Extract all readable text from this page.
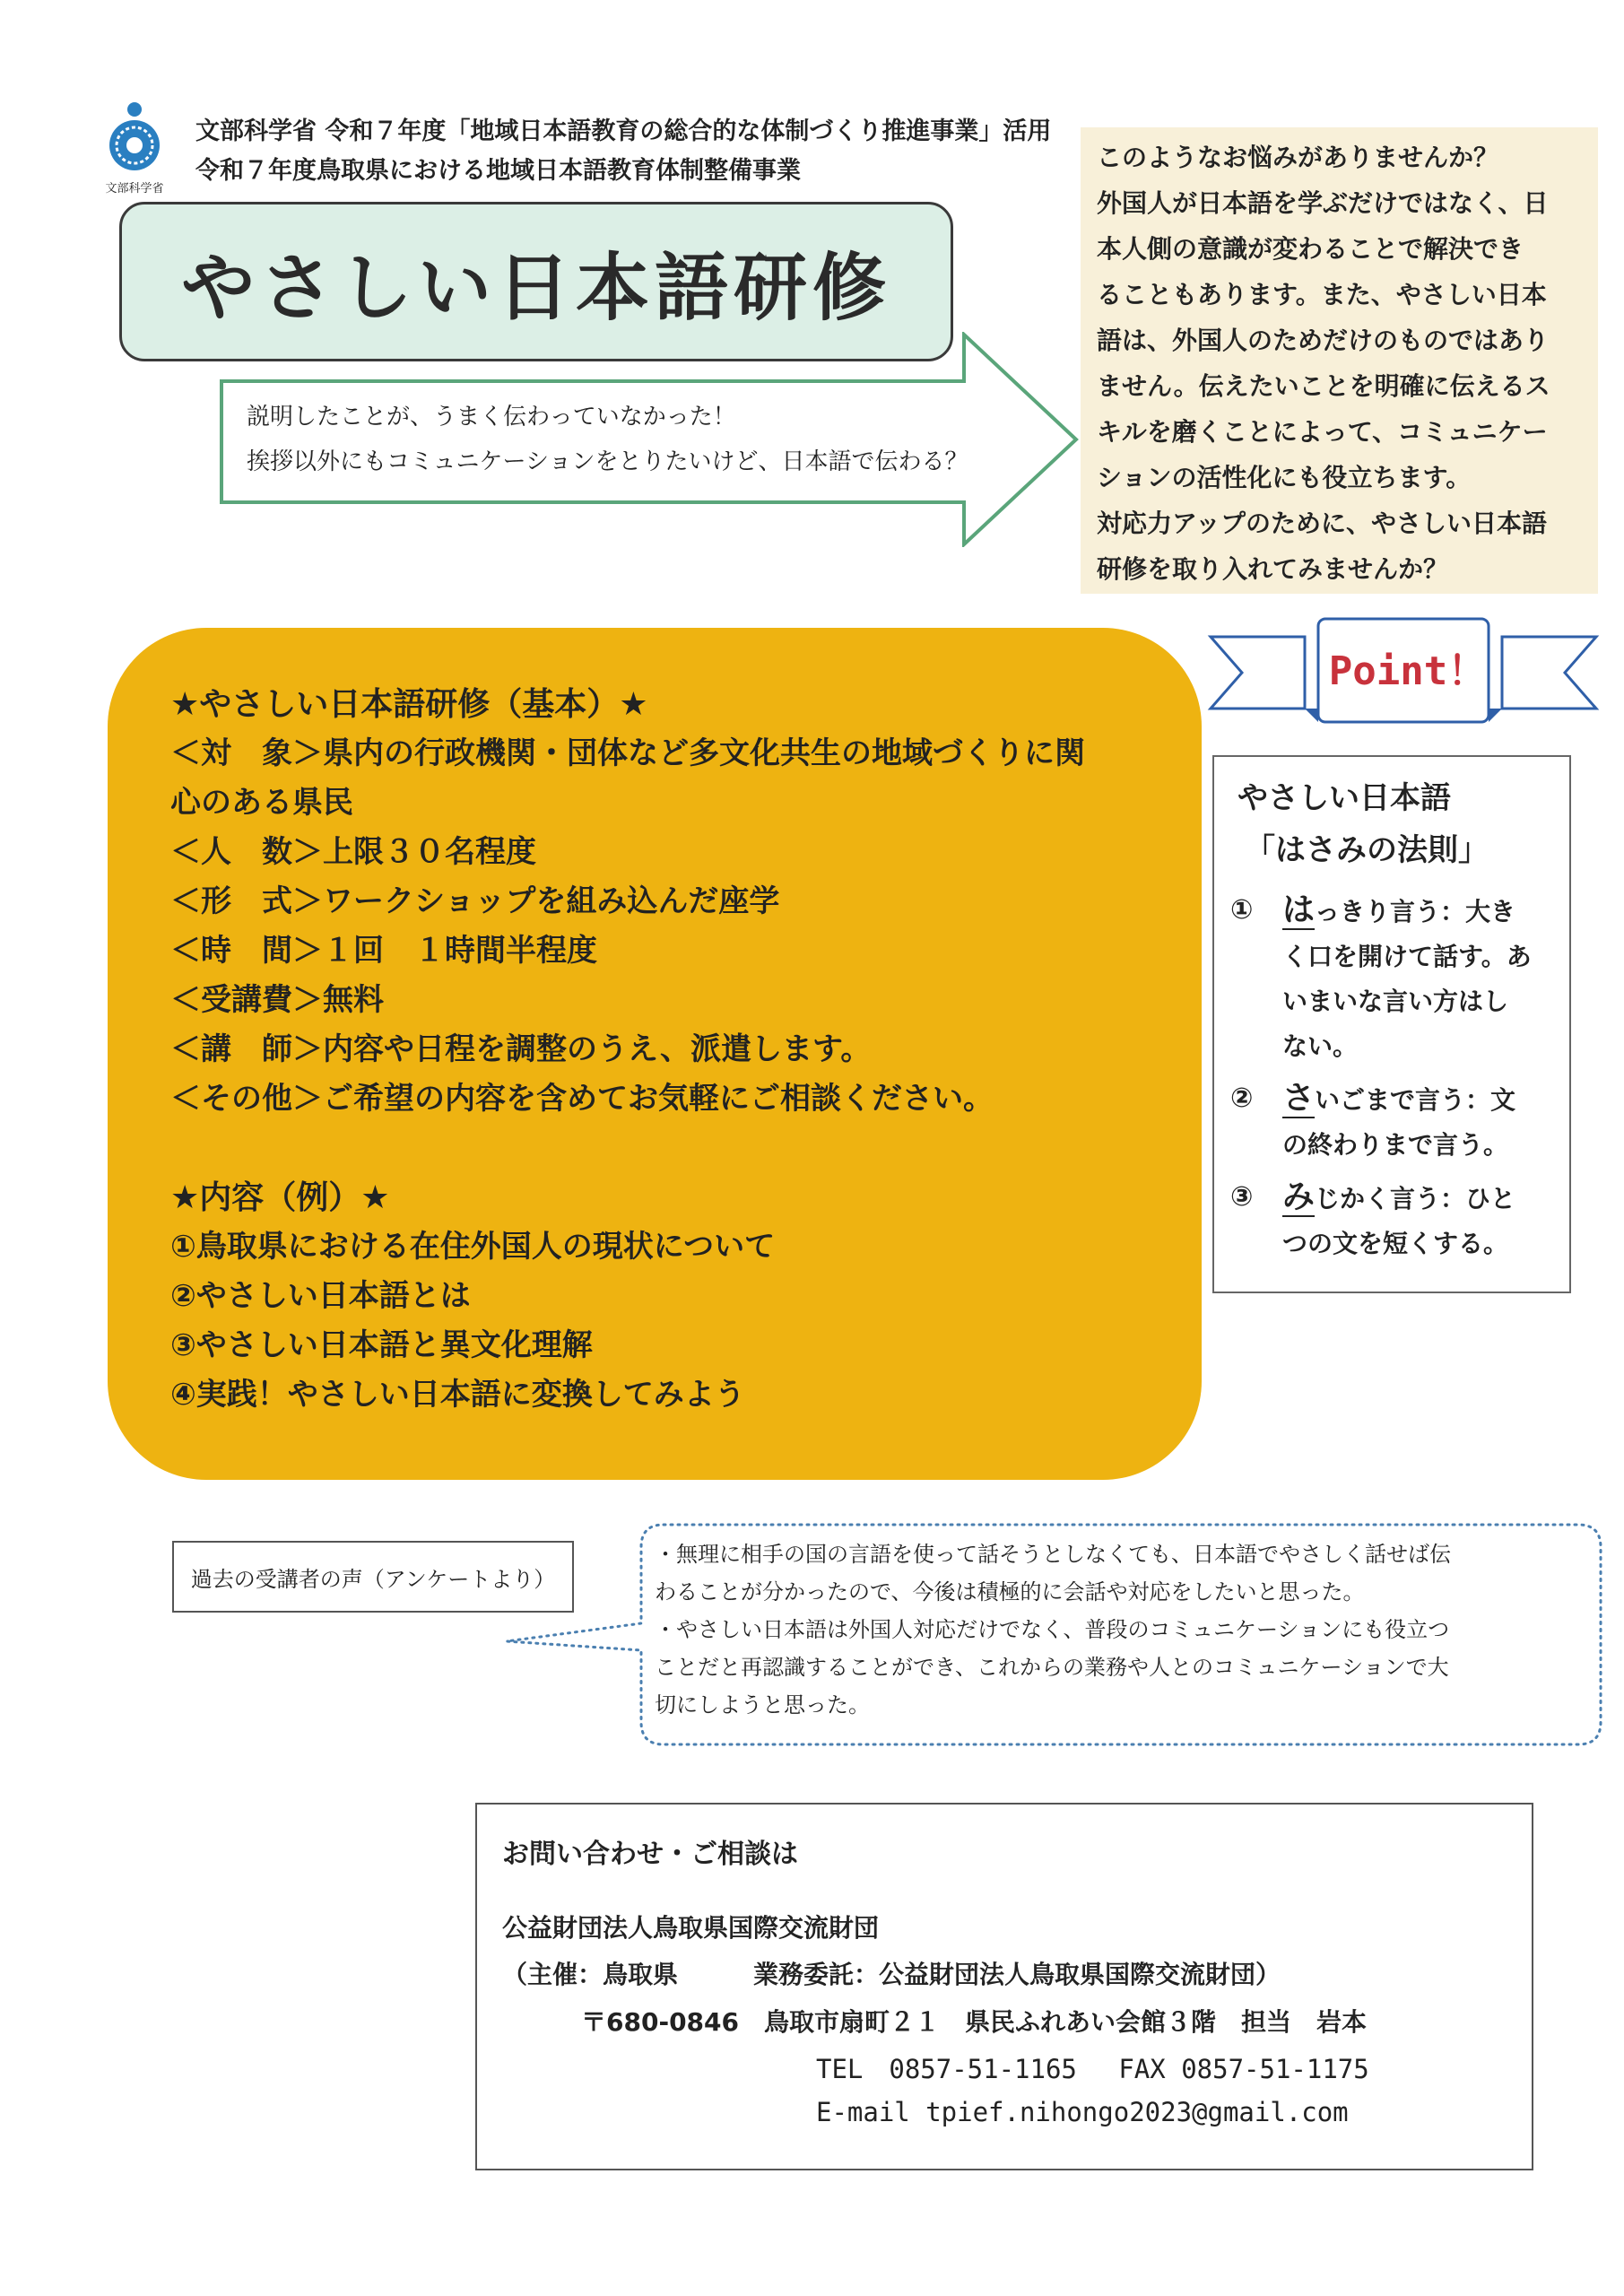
文部科学省
文部科学省 令和７年度「地域日本語教育の総合的な体制づくり推進事業」活用
令和７年度鳥取県における地域日本語教育体制整備事業
やさしい日本語研修
説明したことが、うまく伝わっていなかった！
挨拶以外にもコミュニケーションをとりたいけど、日本語で伝わる？
このようなお悩みがありませんか？
外国人が日本語を学ぶだけではなく、日
本人側の意識が変わることで解決でき
ることもあります。また、やさしい日本
語は、外国人のためだけのものではあり
ません。伝えたいことを明確に伝えるス
キルを磨くことによって、コミュニケー
ションの活性化にも役立ちます。
対応力アップのために、やさしい日本語
研修を取り入れてみませんか？
Point！
やさしい日本語
「はさみの法則」
① はっきり言う：大き
く口を開けて話す。あ
いまいな言い方はし
ない。
② さいごまで言う：文
の終わりまで言う。
③ みじかく言う：ひと
つの文を短くする。
★やさしい日本語研修（基本）★
＜対　象＞県内の行政機関・団体など多文化共生の地域づくりに関
心のある県民
＜人　数＞上限３０名程度
＜形　式＞ワークショップを組み込んだ座学
＜時　間＞１回　１時間半程度
＜受講費＞無料
＜講　師＞内容や日程を調整のうえ、派遣します。
＜その他＞ご希望の内容を含めてお気軽にご相談ください。
★内容（例）★
①鳥取県における在住外国人の現状について
②やさしい日本語とは
③やさしい日本語と異文化理解
④実践！やさしい日本語に変換してみよう
過去の受講者の声（アンケートより）
・無理に相手の国の言語を使って話そうとしなくても、日本語でやさしく話せば伝
わることが分かったので、今後は積極的に会話や対応をしたいと思った。
・やさしい日本語は外国人対応だけでなく、普段のコミュニケーションにも役立つ
ことだと再認識することができ、これからの業務や人とのコミュニケーションで大
切にしようと思った。
お問い合わせ・ご相談は
公益財団法人鳥取県国際交流財団
（主催：鳥取県　　　業務委託：公益財団法人鳥取県国際交流財団）
〒680-0846　鳥取市扇町２１　県民ふれあい会館３階　担当　岩本
TEL　0857-51-1165　 FAX 0857-51-1175
E-mail tpief.nihongo2023@gmail.com
